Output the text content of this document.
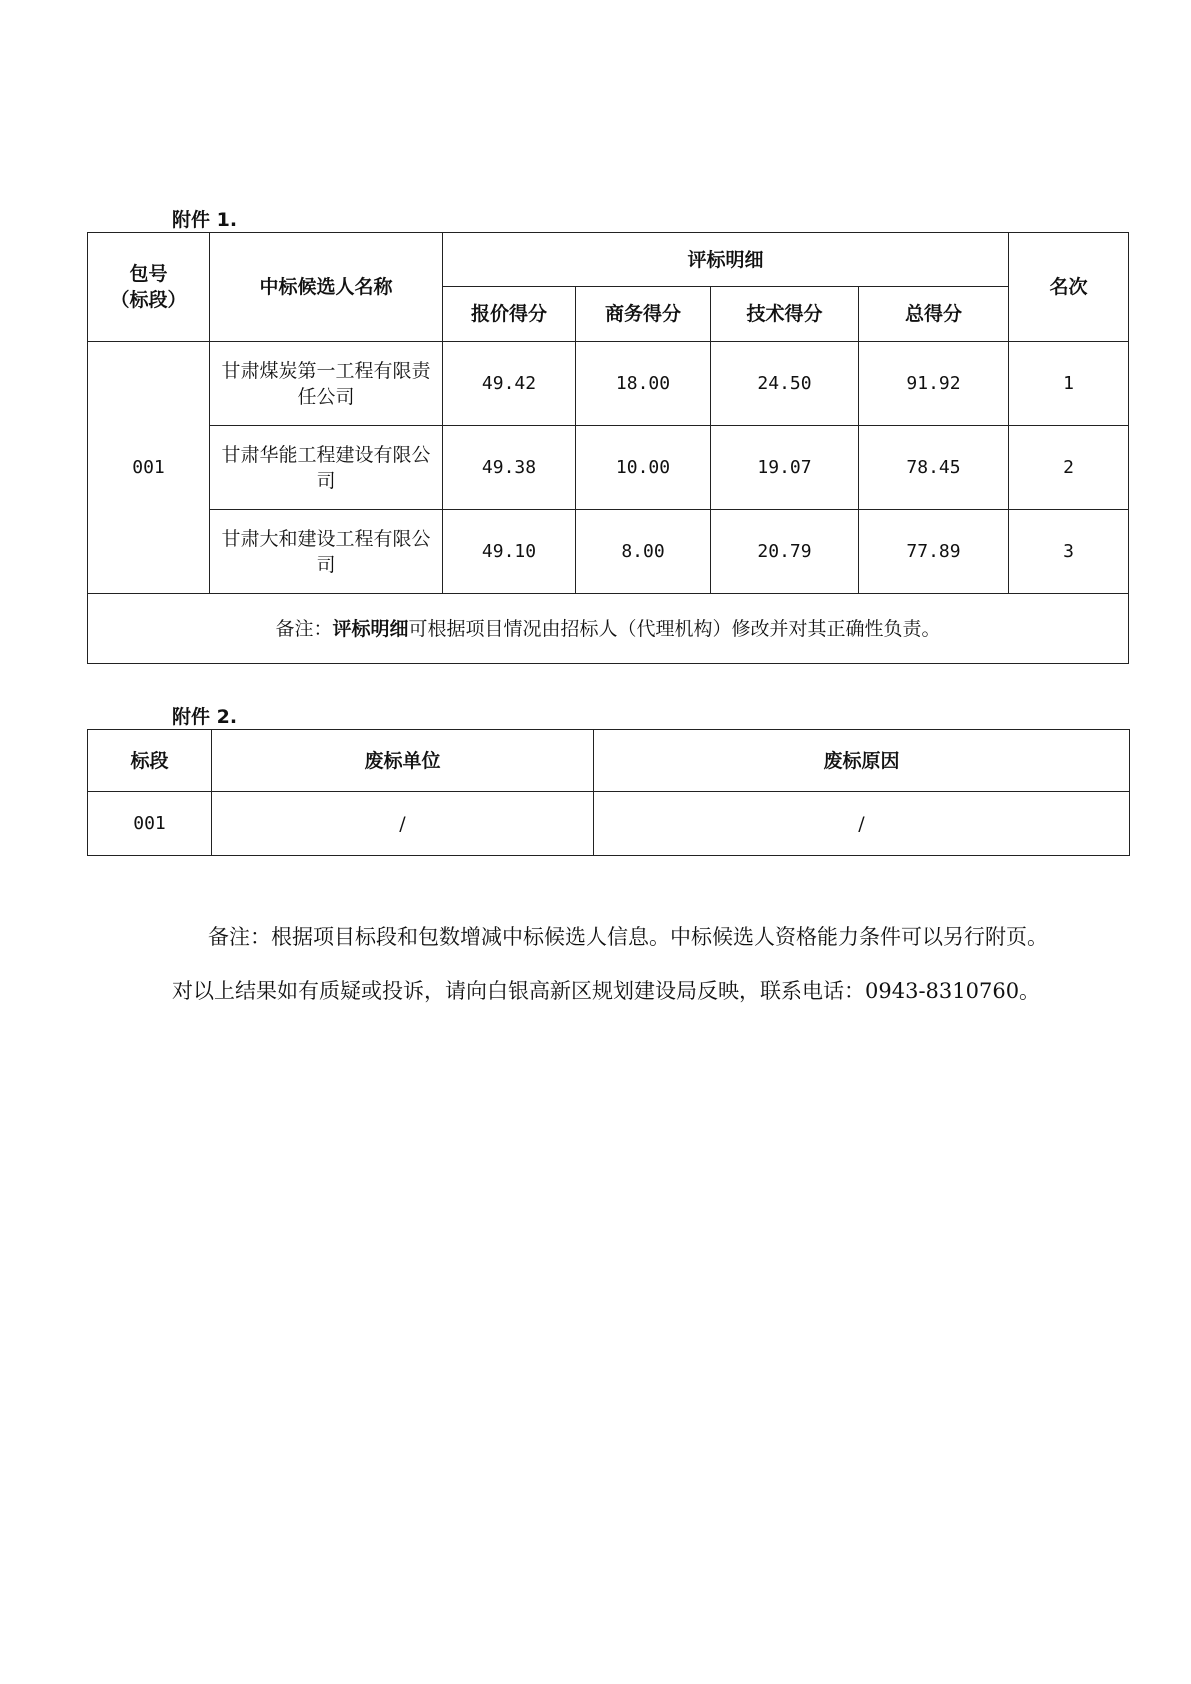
附件 1.
包号
（标段）	中标候选人名称	评标明细				名次
		报价得分	商务得分	技术得分	总得分	
001	甘肃煤炭第一工程有限责任公司	49.42	18.00	24.50	91.92	1
	甘肃华能工程建设有限公司	49.38	10.00	19.07	78.45	2
	甘肃大和建设工程有限公司	49.10	8.00	20.79	77.89	3
备注：评标明细可根据项目情况由招标人（代理机构）修改并对其正确性负责。						
附件 2.
标段	废标单位	废标原因
001	/	/
备注：根据项目标段和包数增减中标候选人信息。中标候选人资格能力条件可以另行附页。对以上结果如有质疑或投诉，请向白银高新区规划建设局反映，联系电话：0943-8310760。
